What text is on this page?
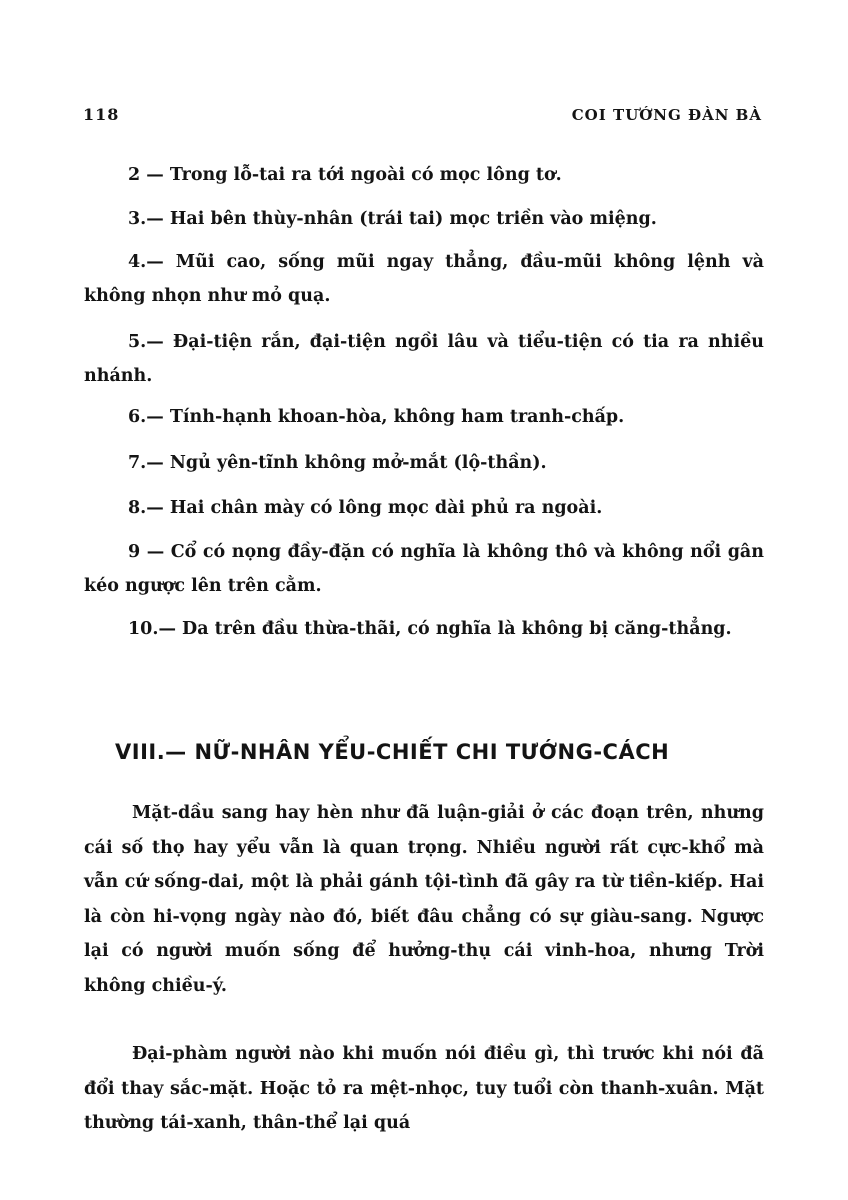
118	COI TƯỚNG ĐÀN BÀ

2 — Trong lỗ-tai ra tới ngoài có mọc lông tơ.

3.— Hai bên thùy-nhân (trái tai) mọc triền vào miệng.

4.— Mũi cao, sống mũi ngay thẳng, đầu-mũi không lệnh và không nhọn như mỏ quạ.

5.— Đại-tiện rắn, đại-tiện ngồi lâu và tiểu-tiện có tia ra nhiều nhánh.

6.— Tính-hạnh khoan-hòa, không ham tranh-chấp.

7.— Ngủ yên-tĩnh không mở-mắt (lộ-thần).

8.— Hai chân mày có lông mọc dài phủ ra ngoài.

9 — Cổ có nọng đầy-đặn có nghĩa là không thô và không nổi gân kéo ngược lên trên cằm.

10.— Da trên đầu thừa-thãi, có nghĩa là không bị căng-thẳng.

VIII.— NỮ-NHÂN YỂU-CHIẾT CHI TƯỚNG-CÁCH

Mặt-dầu sang hay hèn như đã luận-giải ở các đoạn trên, nhưng cái số thọ hay yểu vẫn là quan trọng. Nhiều người rất cực-khổ mà vẫn cứ sống-dai, một là phải gánh tội-tình đã gây ra từ tiền-kiếp. Hai là còn hi-vọng ngày nào đó, biết đâu chẳng có sự giàu-sang. Ngược lại có người muốn sống để hưởng-thụ cái vinh-hoa, nhưng Trời không chiều-ý.

Đại-phàm người nào khi muốn nói điều gì, thì trước khi nói đã đổi thay sắc-mặt. Hoặc tỏ ra mệt-nhọc, tuy tuổi còn thanh-xuân. Mặt thường tái-xanh, thân-thể lại quá
